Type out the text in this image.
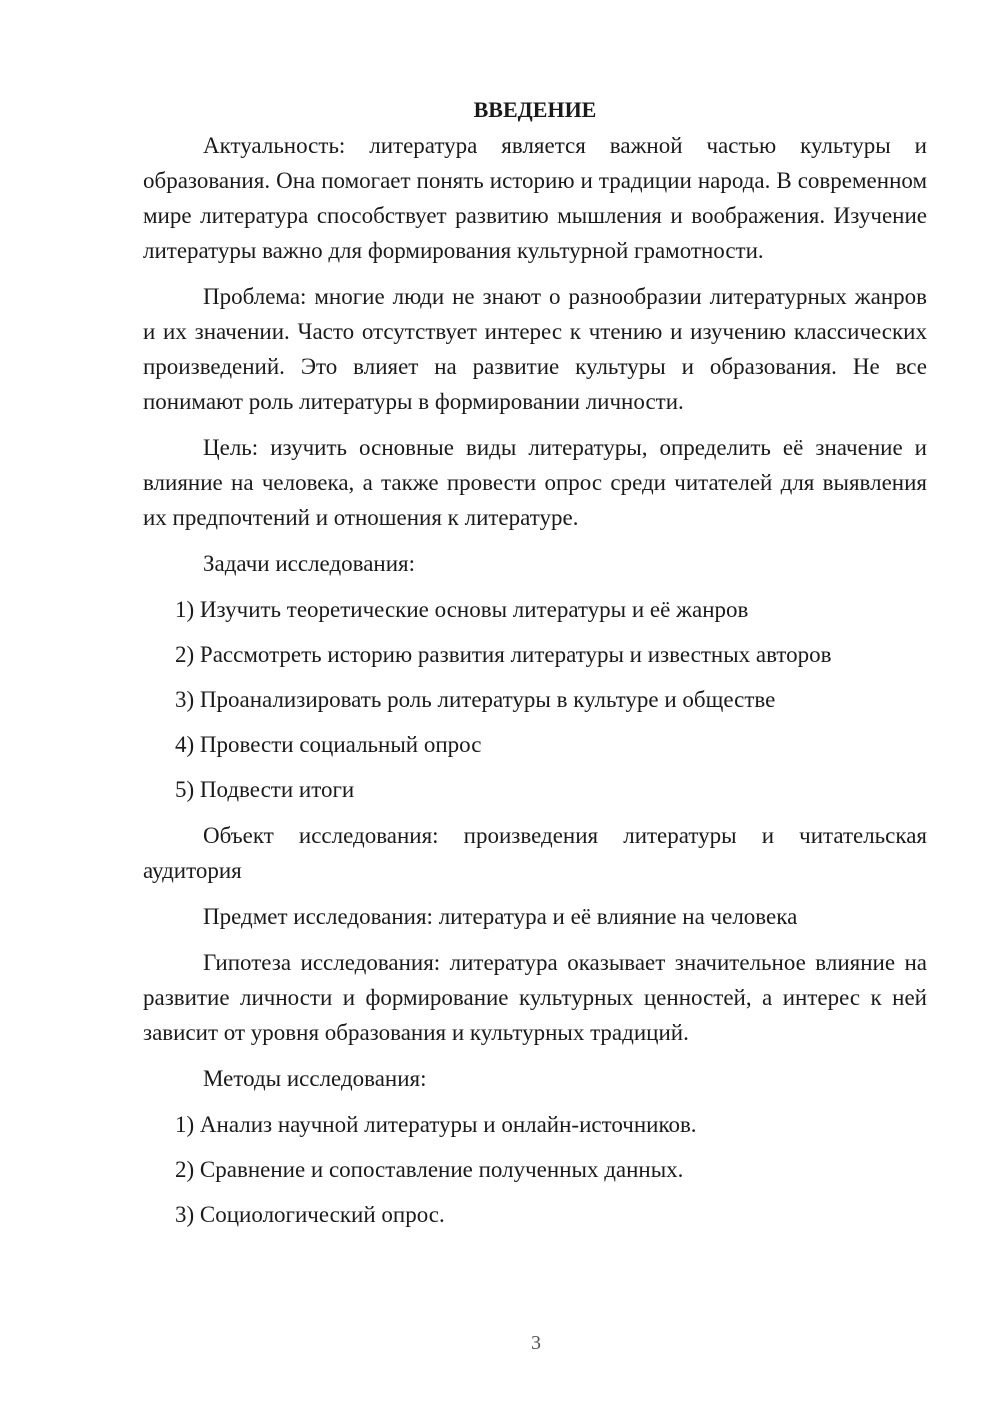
ВВЕДЕНИЕ

Актуальность: литература является важной частью культуры и образования. Она помогает понять историю и традиции народа. В современном мире литература способствует развитию мышления и воображения. Изучение литературы важно для формирования культурной грамотности.

Проблема: многие люди не знают о разнообразии литературных жанров и их значении. Часто отсутствует интерес к чтению и изучению классических произведений. Это влияет на развитие культуры и образования. Не все понимают роль литературы в формировании личности.

Цель: изучить основные виды литературы, определить её значение и влияние на человека, а также провести опрос среди читателей для выявления их предпочтений и отношения к литературе.

Задачи исследования:

1) Изучить теоретические основы литературы и её жанров
2) Рассмотреть историю развития литературы и известных авторов
3) Проанализировать роль литературы в культуре и обществе
4) Провести социальный опрос
5) Подвести итоги

Объект исследования: произведения литературы и читательская аудитория

Предмет исследования: литература и её влияние на человека

Гипотеза исследования: литература оказывает значительное влияние на развитие личности и формирование культурных ценностей, а интерес к ней зависит от уровня образования и культурных традиций.

Методы исследования:

1) Анализ научной литературы и онлайн-источников.
2) Сравнение и сопоставление полученных данных.
3) Социологический опрос.
3
